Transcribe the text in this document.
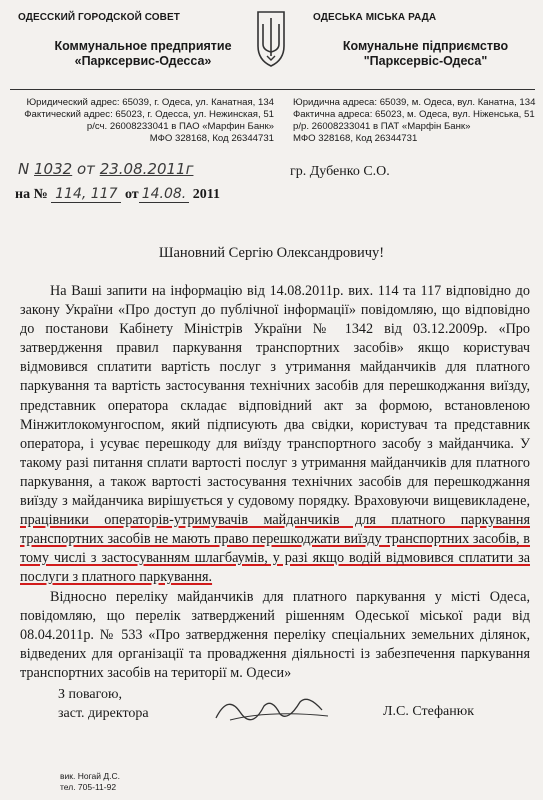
ОДЕССКИЙ ГОРОДСКОЙ СОВЕТ
Коммунальное предприятие
«Парксервис-Одесса»
ОДЕСЬКА МІСЬКА РАДА
Комунальне підприємство
"Парксервіс-Одеса"
Юридический адрес: 65039, г. Одеса, ул. Канатная, 134
Фактический адрес: 65023, г. Одесса, ул. Нежинская, 51
р/сч. 26008233041 в ПАО «Марфин Банк»
МФО 328168, Код 26344731
Юридична адреса: 65039, м. Одеса, вул. Канатна, 134
Фактична адреса: 65023, м. Одеса, вул. Ніженська, 51
р/р. 26008233041 в ПАТ «Марфін Банк»
МФО 328168, Код 26344731
N 1032 от 23.08.2011г	гр. Дубенко С.О.
на № 114, 117 от 14.08. 2011
Шановний Сергію Олександровичу!

На Ваші запити на інформацію від 14.08.2011р. вих. 114 та 117 відповідно до закону України «Про доступ до публічної інформації» повідомляю, що відповідно до постанови Кабінету Міністрів України № 1342 від 03.12.2009р. «Про затвердження правил паркування транспортних засобів» якщо користувач відмовився сплатити вартість послуг з утримання майданчиків для платного паркування та вартість застосування технічних засобів для перешкоджання виїзду, представник оператора складає відповідний акт за формою, встановленою Мінжитлокомунгоспом, який підписують два свідки, користувач та представник оператора, і усуває перешкоду для виїзду транспортного засобу з майданчика. У такому разі питання сплати вартості послуг з утримання майданчиків для платного паркування, а також вартості застосування технічних засобів для перешкоджання виїзду з майданчика вирішується у судовому порядку. Враховуючи вищевикладене, працівники операторів-утримувачів майданчиків для платного паркування транспортних засобів не мають право перешкоджати виїзду транспортних засобів, в тому числі з застосуванням шлагбаумів, у разі якщо водій відмовився сплатити за послуги з платного паркування.

Відносно переліку майданчиків для платного паркування у місті Одеса, повідомляю, що перелік затверджений рішенням Одеської міської ради від 08.04.2011р. № 533 «Про затвердження переліку спеціальних земельних ділянок, відведених для організації та провадження діяльності із забезпечення паркування транспортних засобів на території м. Одеси»

З повагою,
заст. директора	Л.С. Стефанюк
вик. Ногай Д.С.
тел. 705-11-92
